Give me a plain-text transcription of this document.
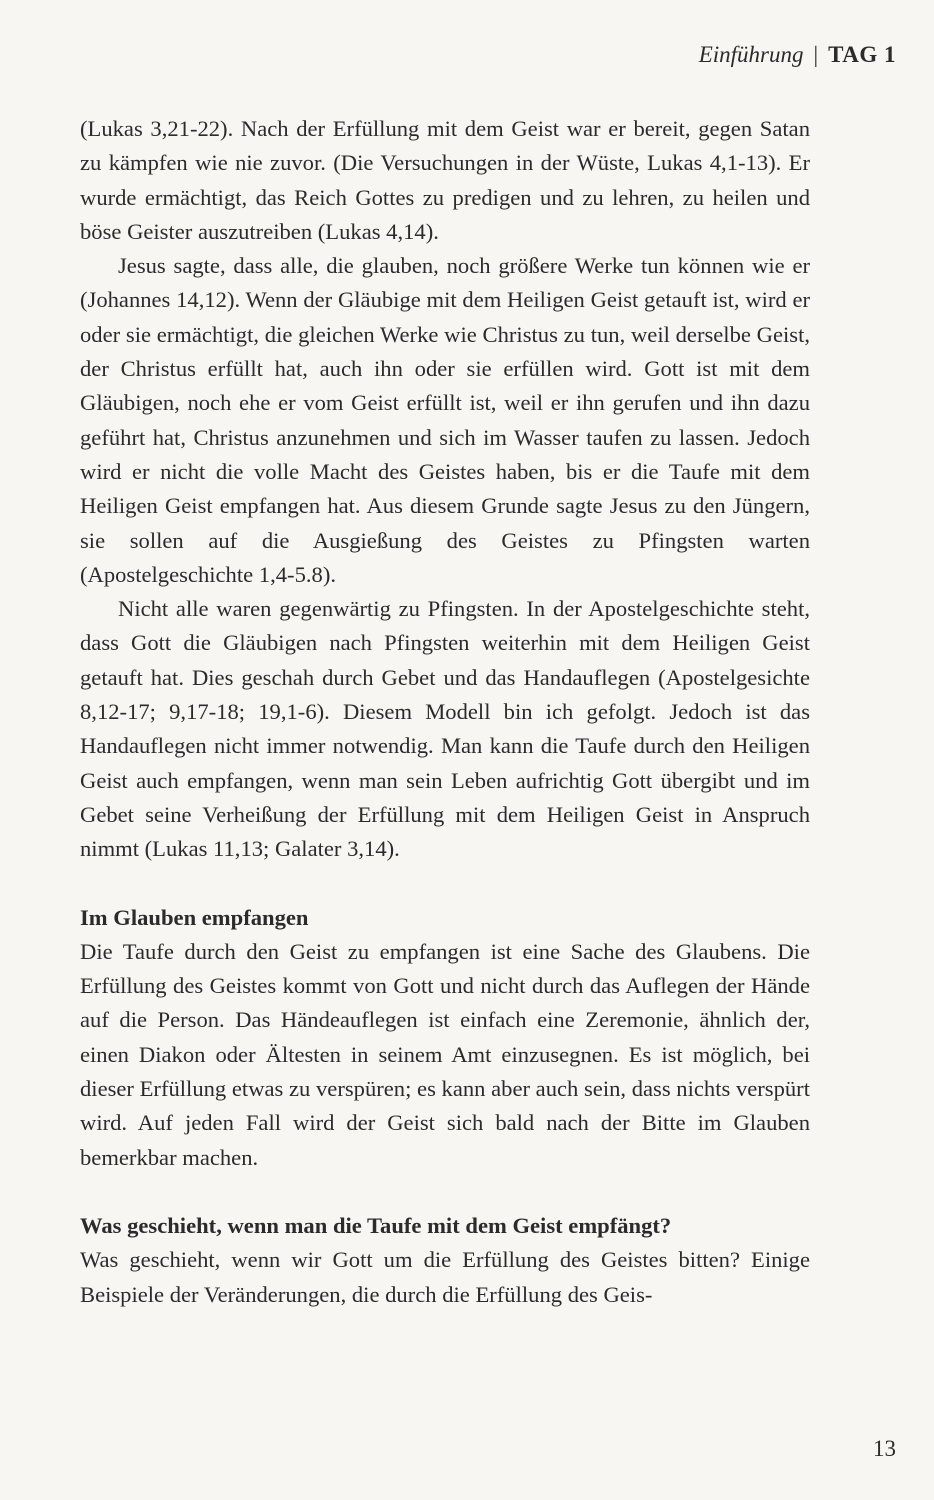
Einführung | TAG 1

(Lukas 3,21-22). Nach der Erfüllung mit dem Geist war er bereit, gegen Satan zu kämpfen wie nie zuvor. (Die Versuchungen in der Wüste, Lukas 4,1-13). Er wurde ermächtigt, das Reich Gottes zu predigen und zu lehren, zu heilen und böse Geister auszutreiben (Lukas 4,14).

Jesus sagte, dass alle, die glauben, noch größere Werke tun können wie er (Johannes 14,12). Wenn der Gläubige mit dem Heiligen Geist getauft ist, wird er oder sie ermächtigt, die gleichen Werke wie Christus zu tun, weil derselbe Geist, der Christus erfüllt hat, auch ihn oder sie erfüllen wird. Gott ist mit dem Gläubigen, noch ehe er vom Geist erfüllt ist, weil er ihn gerufen und ihn dazu geführt hat, Christus anzunehmen und sich im Wasser taufen zu lassen. Jedoch wird er nicht die volle Macht des Geistes haben, bis er die Taufe mit dem Heiligen Geist empfangen hat. Aus diesem Grunde sagte Jesus zu den Jüngern, sie sollen auf die Ausgießung des Geistes zu Pfingsten warten (Apostelgeschichte 1,4-5.8).

Nicht alle waren gegenwärtig zu Pfingsten. In der Apostelgeschichte steht, dass Gott die Gläubigen nach Pfingsten weiterhin mit dem Heiligen Geist getauft hat. Dies geschah durch Gebet und das Handauflegen (Apostelgesichte 8,12-17; 9,17-18; 19,1-6). Diesem Modell bin ich gefolgt. Jedoch ist das Handauflegen nicht immer notwendig. Man kann die Taufe durch den Heiligen Geist auch empfangen, wenn man sein Leben aufrichtig Gott übergibt und im Gebet seine Verheißung der Erfüllung mit dem Heiligen Geist in Anspruch nimmt (Lukas 11,13; Galater 3,14).

Im Glauben empfangen

Die Taufe durch den Geist zu empfangen ist eine Sache des Glaubens. Die Erfüllung des Geistes kommt von Gott und nicht durch das Auflegen der Hände auf die Person. Das Händeauflegen ist einfach eine Zeremonie, ähnlich der, einen Diakon oder Ältesten in seinem Amt einzusegnen. Es ist möglich, bei dieser Erfüllung etwas zu verspüren; es kann aber auch sein, dass nichts verspürt wird. Auf jeden Fall wird der Geist sich bald nach der Bitte im Glauben bemerkbar machen.

Was geschieht, wenn man die Taufe mit dem Geist empfängt?

Was geschieht, wenn wir Gott um die Erfüllung des Geistes bitten? Einige Beispiele der Veränderungen, die durch die Erfüllung des Geis-

13
